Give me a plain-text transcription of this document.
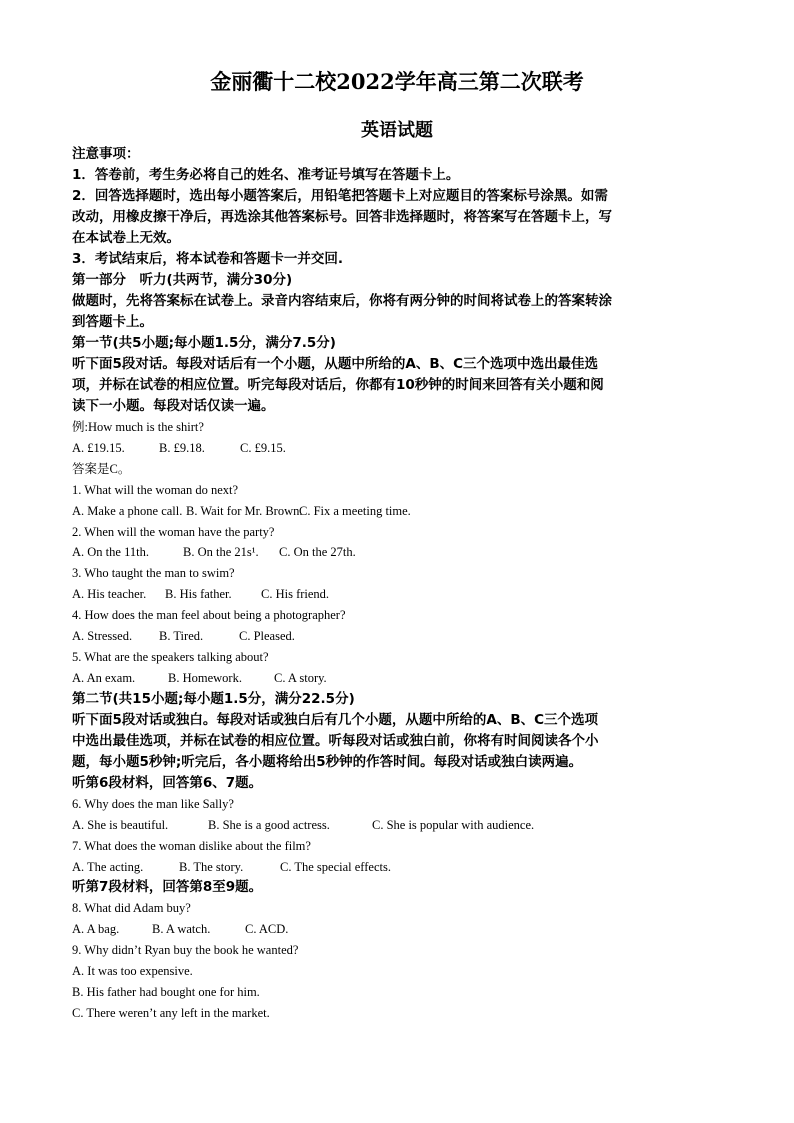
金丽衢十二校2022学年高三第二次联考
英语试题

注意事项：

1．答卷前，考生务必将自己的姓名、准考证号填写在答题卡上。

2．回答选择题时，选出每小题答案后，用铅笔把答题卡上对应题目的答案标号涂黑。如需

改动，用橡皮擦干净后，再选涂其他答案标号。回答非选择题时，将答案写在答题卡上，写

在本试卷上无效。

3．考试结束后，将本试卷和答题卡一并交回.

第一部分　听力(共两节，满分30分)

做题时，先将答案标在试卷上。录音内容结束后，你将有两分钟的时间将试卷上的答案转涂

到答题卡上。

第一节(共5小题;每小题1.5分，满分7.5分)

听下面5段对话。每段对话后有一个小题，从题中所给的A、B、C三个选项中选出最佳选

项，并标在试卷的相应位置。听完每段对话后，你都有10秒钟的时间来回答有关小题和阅

读下一小题。每段对话仅读一遍。

例:How much is the shirt?

A. £19.15.	B. £9.18.	C. £9.15.

答案是C。

1. What will the woman do next?

A. Make a phone call. B. Wait for Mr. Brown.
C. Fix a meeting time.

2. When will the woman have the party?

A. On the 11th.	B. On the 21s¹.	C. On the 27th.

3. Who taught the man to swim?

A. His teacher.	B. His father.	C. His friend.

4. How does the man feel about being a photographer?

A. Stressed.	B. Tired.	C. Pleased.

5. What are the speakers talking about?

A. An exam.	B. Homework.	C. A story.

第二节(共15小题;每小题1.5分，满分22.5分)

听下面5段对话或独白。每段对话或独白后有几个小题，从题中所给的A、B、C三个选项

中选出最佳选项，并标在试卷的相应位置。听每段对话或独白前，你将有时间阅读各个小

题，每小题5秒钟;听完后，各小题将给出5秒钟的作答时间。每段对话或独白读两遍。

听第6段材料，回答第6、7题。

6. Why does the man like Sally?

A. She is beautiful.	B. She is a good actress.	C. She is popular with audience.

7. What does the woman dislike about the film?

A. The acting.	B. The story.	C. The special effects.

听第7段材料，回答第8至9题。

8. What did Adam buy?

A. A bag.	B. A watch.	C. ACD.

9. Why didn’t Ryan buy the book he wanted?

A. It was too expensive.

B. His father had bought one for him.

C. There weren’t any left in the market.
